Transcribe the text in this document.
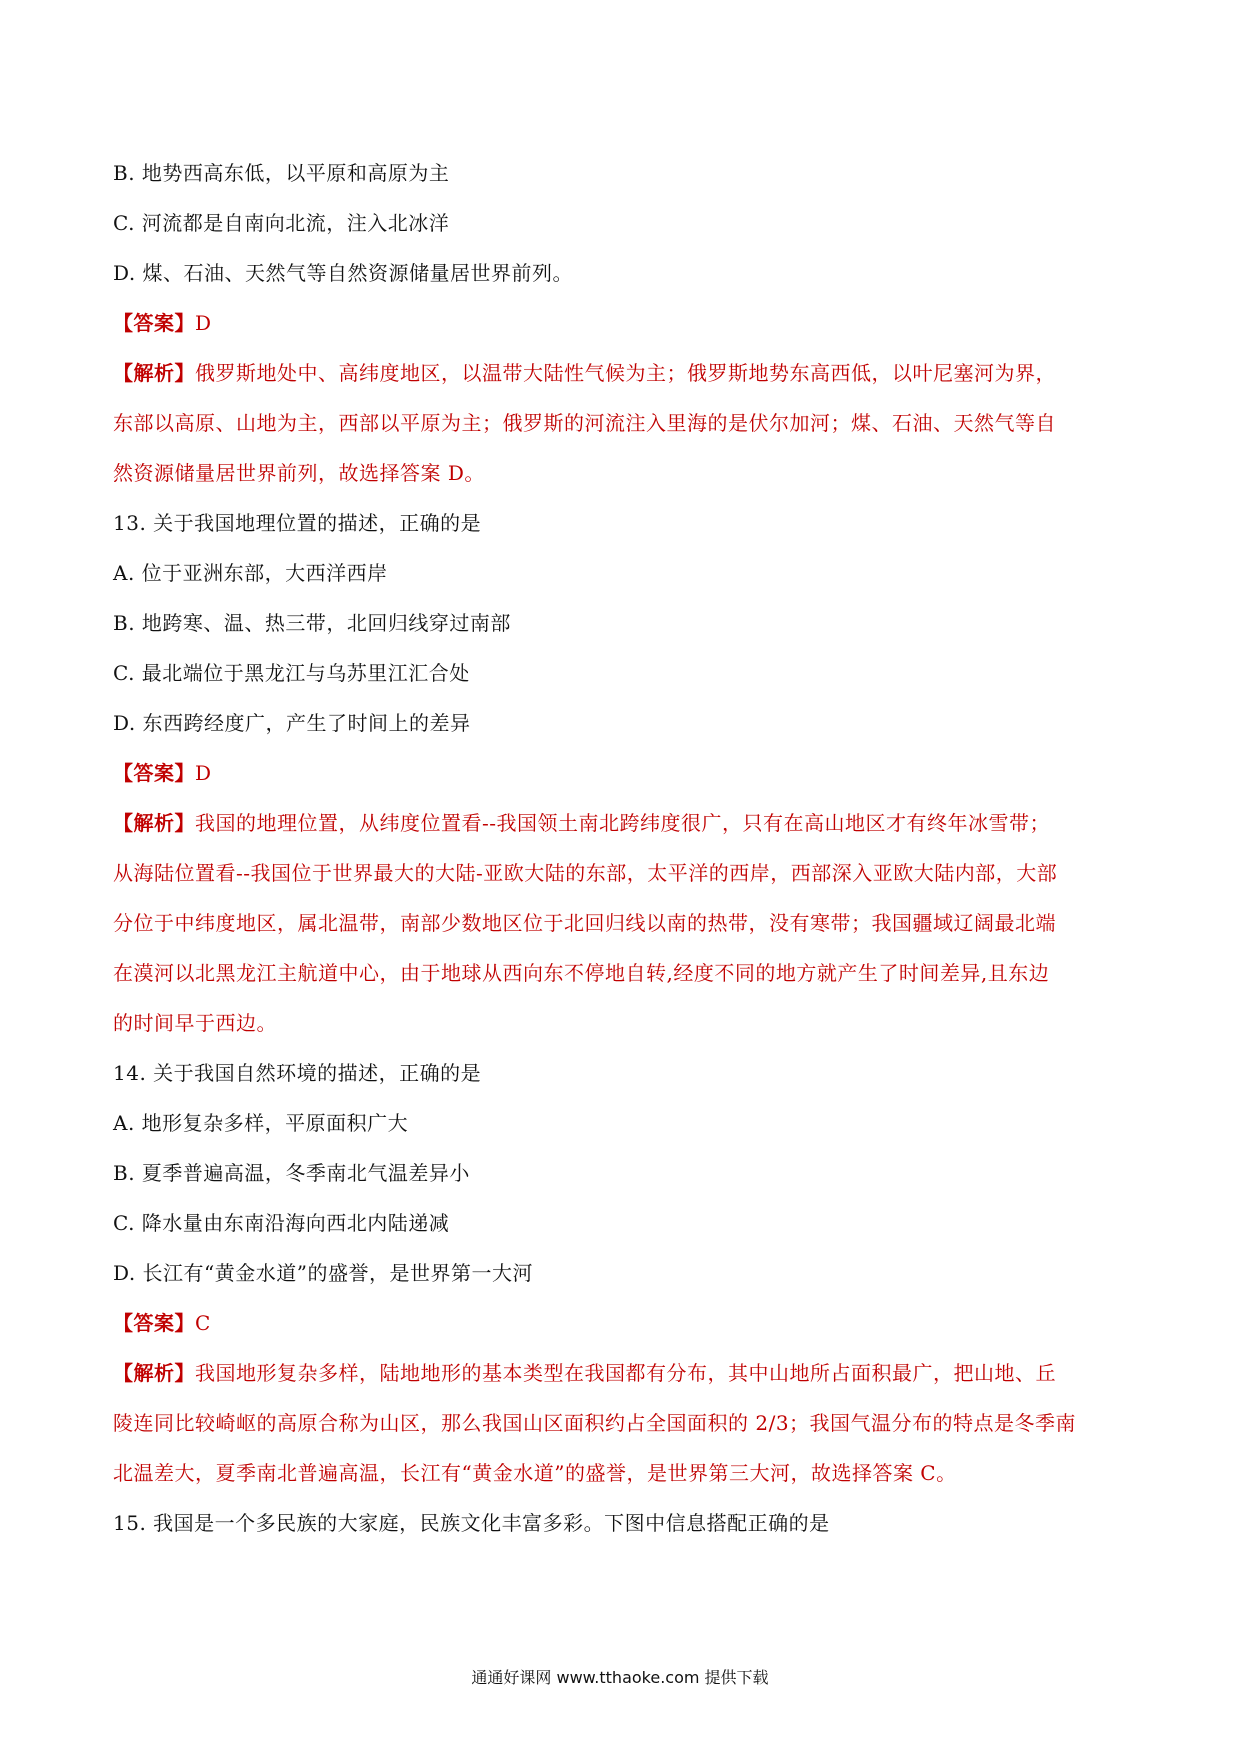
B. 地势西高东低，以平原和高原为主
C. 河流都是自南向北流，注入北冰洋
D. 煤、石油、天然气等自然资源储量居世界前列。
【答案】D
【解析】俄罗斯地处中、高纬度地区，以温带大陆性气候为主；俄罗斯地势东高西低，以叶尼塞河为界，
东部以高原、山地为主，西部以平原为主；俄罗斯的河流注入里海的是伏尔加河；煤、石油、天然气等自
然资源储量居世界前列，故选择答案 D。
13. 关于我国地理位置的描述，正确的是
A. 位于亚洲东部，大西洋西岸
B. 地跨寒、温、热三带，北回归线穿过南部
C. 最北端位于黑龙江与乌苏里江汇合处
D. 东西跨经度广，产生了时间上的差异
【答案】D
【解析】我国的地理位置，从纬度位置看--我国领土南北跨纬度很广，只有在高山地区才有终年冰雪带；
从海陆位置看--我国位于世界最大的大陆-亚欧大陆的东部，太平洋的西岸，西部深入亚欧大陆内部，大部
分位于中纬度地区，属北温带，南部少数地区位于北回归线以南的热带，没有寒带；我国疆域辽阔最北端
在漠河以北黑龙江主航道中心，由于地球从西向东不停地自转,经度不同的地方就产生了时间差异,且东边
的时间早于西边。
14. 关于我国自然环境的描述，正确的是
A. 地形复杂多样，平原面积广大
B. 夏季普遍高温，冬季南北气温差异小
C. 降水量由东南沿海向西北内陆递减
D. 长江有“黄金水道”的盛誉，是世界第一大河
【答案】C
【解析】我国地形复杂多样，陆地地形的基本类型在我国都有分布，其中山地所占面积最广，把山地、丘
陵连同比较崎岖的高原合称为山区，那么我国山区面积约占全国面积的 2/3；我国气温分布的特点是冬季南
北温差大，夏季南北普遍高温，长江有“黄金水道”的盛誉，是世界第三大河，故选择答案 C。
15. 我国是一个多民族的大家庭，民族文化丰富多彩。下图中信息搭配正确的是
通通好课网 www.tthaoke.com 提供下载
